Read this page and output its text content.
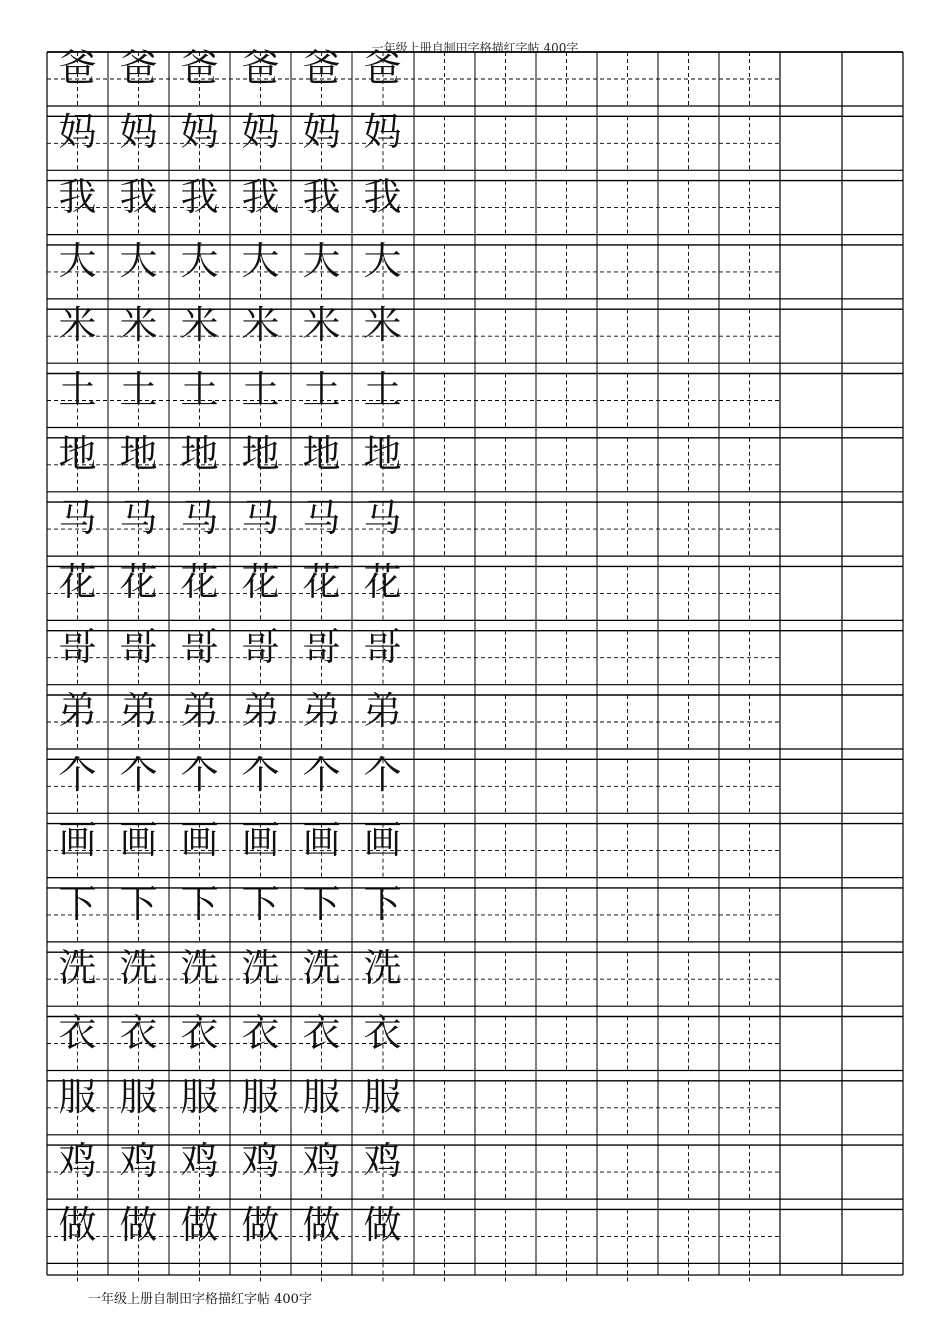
一年级上册自制田字格描红字帖 400字
爸 爸 爸 爸 爸 爸
妈 妈 妈 妈 妈 妈
我 我 我 我 我 我
大 大 大 大 大 大
米 米 米 米 米 米
土 土 土 土 土 土
地 地 地 地 地 地
马 马 马 马 马 马
花 花 花 花 花 花
哥 哥 哥 哥 哥 哥
弟 弟 弟 弟 弟 弟
个 个 个 个 个 个
画 画 画 画 画 画
下 下 下 下 下 下
洗 洗 洗 洗 洗 洗
衣 衣 衣 衣 衣 衣
服 服 服 服 服 服
鸡 鸡 鸡 鸡 鸡 鸡
做 做 做 做 做 做
一年级上册自制田字格描红字帖 400字
